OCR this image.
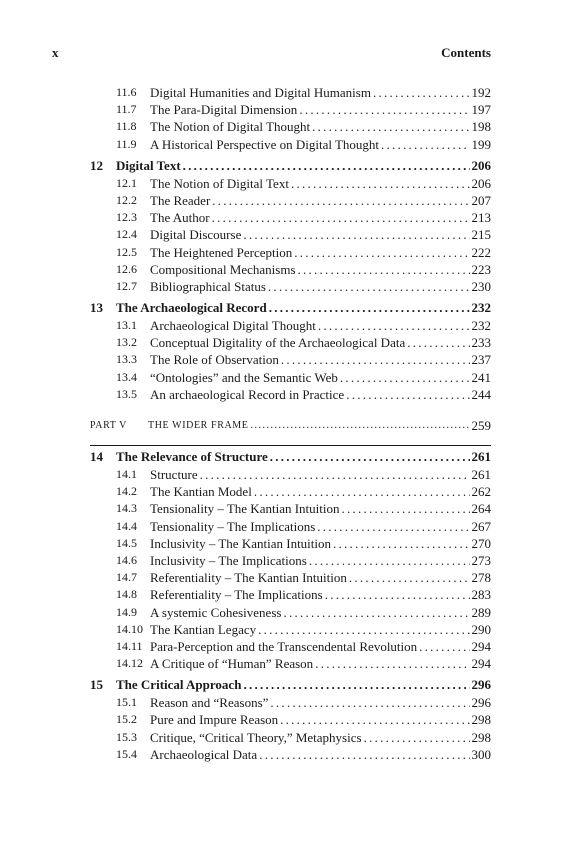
x	Contents
11.6 Digital Humanities and Digital Humanism . . .	192
11.7 The Para-Digital Dimension . . .	197
11.8 The Notion of Digital Thought . . .	198
11.9 A Historical Perspective on Digital Thought . . .	199
12 Digital Text . . .	206
12.1 The Notion of Digital Text . . .	206
12.2 The Reader . . .	207
12.3 The Author . . .	213
12.4 Digital Discourse . . .	215
12.5 The Heightened Perception . . .	222
12.6 Compositional Mechanisms . . .	223
12.7 Bibliographical Status . . .	230
13 The Archaeological Record . . .	232
13.1 Archaeological Digital Thought . . .	232
13.2 Conceptual Digitality of the Archaeological Data . . .	233
13.3 The Role of Observation . . .	237
13.4 “Ontologies” and the Semantic Web . . .	241
13.5 An archaeological Record in Practice . . .	244
PART V THE WIDER FRAME . . .	259
14 The Relevance of Structure . . .	261
14.1 Structure . . .	261
14.2 The Kantian Model . . .	262
14.3 Tensionality – The Kantian Intuition . . .	264
14.4 Tensionality – The Implications . . .	267
14.5 Inclusivity – The Kantian Intuition . . .	270
14.6 Inclusivity – The Implications . . .	273
14.7 Referentiality – The Kantian Intuition . . .	278
14.8 Referentiality – The Implications . . .	283
14.9 A systemic Cohesiveness . . .	289
14.10 The Kantian Legacy . . .	290
14.11 Para-Perception and the Transcendental Revolution . . .	294
14.12 A Critique of “Human” Reason . . .	294
15 The Critical Approach . . .	296
15.1 Reason and “Reasons” . . .	296
15.2 Pure and Impure Reason . . .	298
15.3 Critique, “Critical Theory,” Metaphysics . . .	298
15.4 Archaeological Data . . .	300
